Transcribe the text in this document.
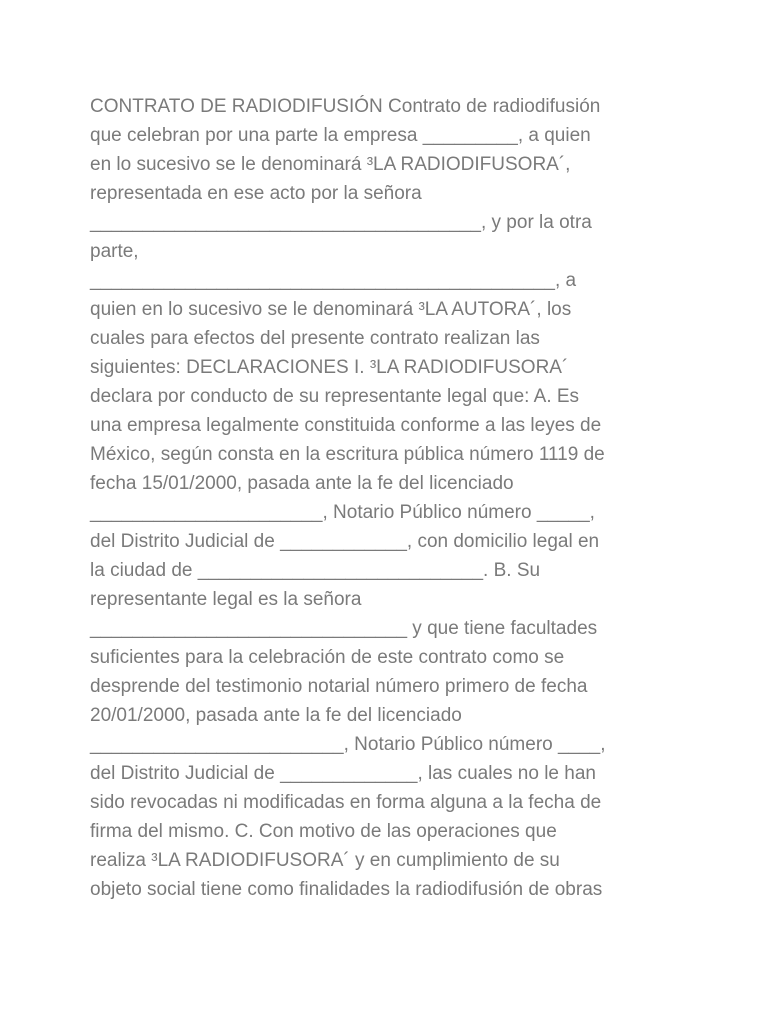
CONTRATO DE RADIODIFUSIÓN Contrato de radiodifusión
que celebran por una parte la empresa _________, a quien
en lo sucesivo se le denominará ³LA RADIODIFUSORA´,
representada en ese acto por la señora
_____________________________________, y por la otra
parte,
____________________________________________, a
quien en lo sucesivo se le denominará ³LA AUTORA´, los
cuales para efectos del presente contrato realizan las
siguientes: DECLARACIONES I. ³LA RADIODIFUSORA´
declara por conducto de su representante legal que: A. Es
una empresa legalmente constituida conforme a las leyes de
México, según consta en la escritura pública número 1119 de
fecha 15/01/2000, pasada ante la fe del licenciado
______________________, Notario Público número _____,
del Distrito Judicial de ____________, con domicilio legal en
la ciudad de ___________________________. B. Su
representante legal es la señora
______________________________ y que tiene facultades
suficientes para la celebración de este contrato como se
desprende del testimonio notarial número primero de fecha
20/01/2000, pasada ante la fe del licenciado
________________________, Notario Público número ____,
del Distrito Judicial de _____________, las cuales no le han
sido revocadas ni modificadas en forma alguna a la fecha de
firma del mismo. C. Con motivo de las operaciones que
realiza ³LA RADIODIFUSORA´ y en cumplimiento de su
objeto social tiene como finalidades la radiodifusión de obras
